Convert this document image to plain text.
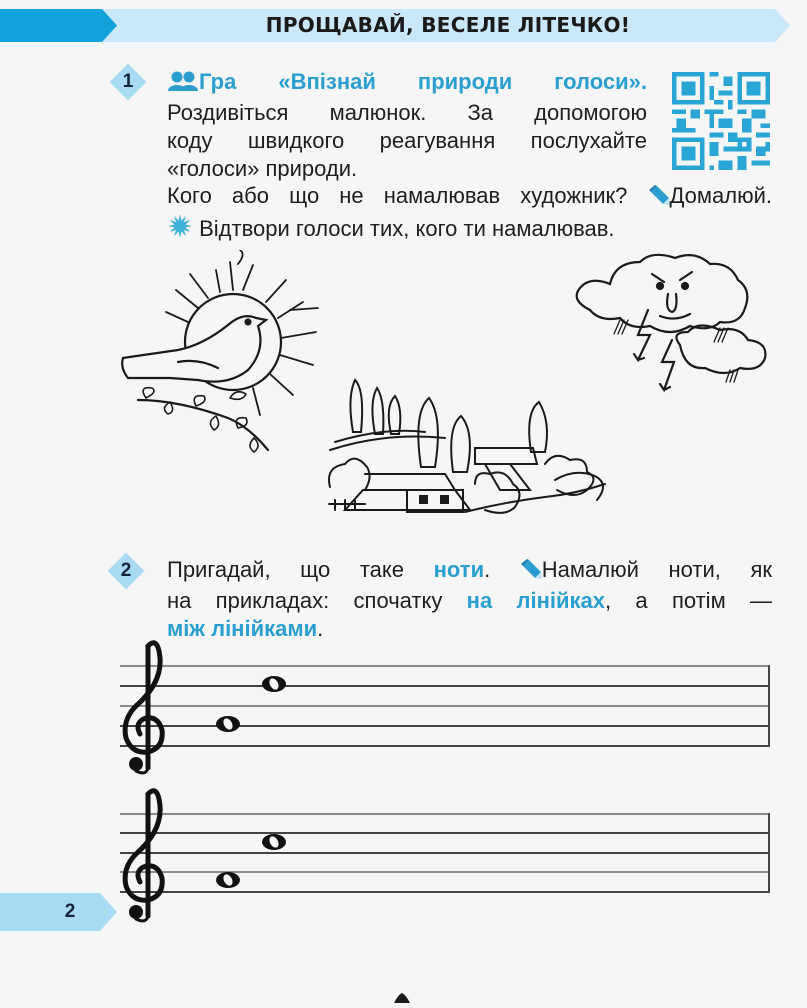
ПРОЩАВАЙ, ВЕСЕЛЕ ЛІТЕЧКО!
1	Гра «Впізнай природи голоси».
Роздивіться малюнок. За допомогою
коду швидкого реагування послухайте
«голоси» природи.
Кого або що не намалював художник? Домалюй.
Відтвори голоси тих, кого ти намалював.
2	Пригадай, що таке ноти. Намалюй ноти, як
на прикладах: спочатку на лінійках, а потім —
між лінійками.
2
